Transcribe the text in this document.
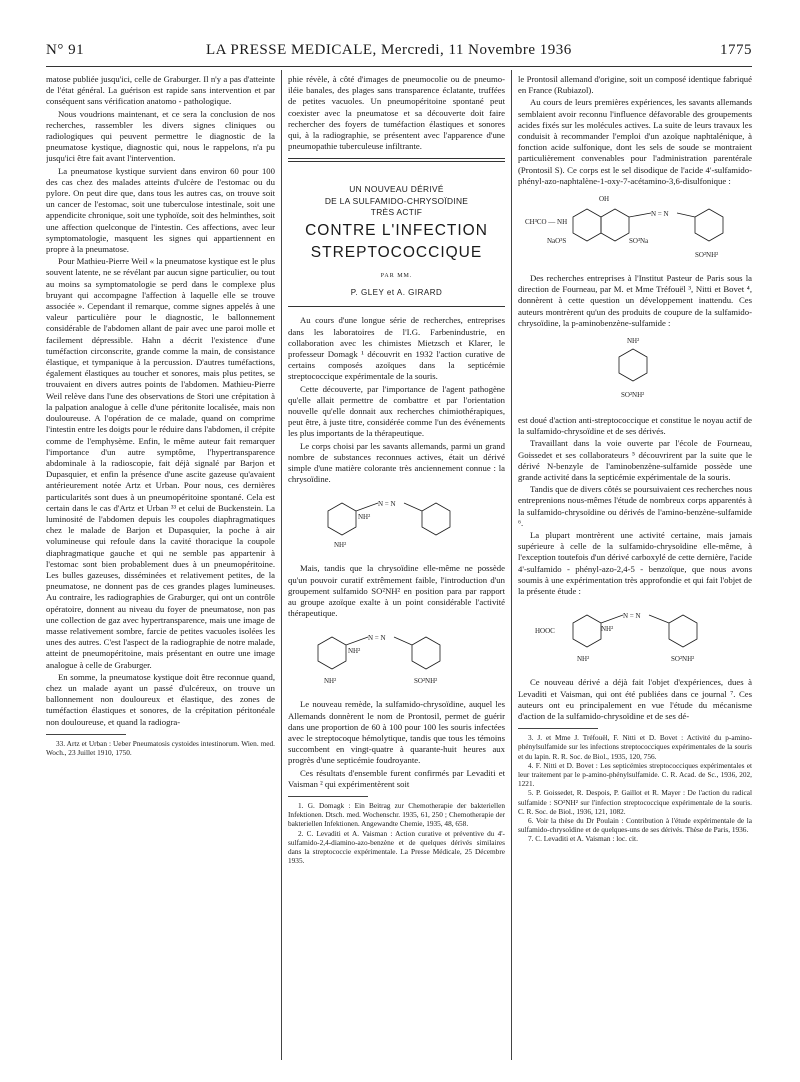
N° 91	LA PRESSE MEDICALE, Mercredi, 11 Novembre 1936	1775

matose publiée jusqu'ici, celle de Graburger. Il n'y a pas d'atteinte de l'état général. La guérison est rapide sans intervention et par conséquent sans vérification anatomo - pathologique.

Nous voudrions maintenant, et ce sera la conclusion de nos recherches, rassembler les divers signes cliniques ou radiologiques qui peuvent permettre le diagnostic de la pneumatose kystique, diagnostic qui, nous le rappelons, n'a pu jusqu'ici être fait avant l'intervention.

La pneumatose kystique survient dans environ 60 pour 100 des cas chez des malades atteints d'ulcère de l'estomac ou du pylore. On peut dire que, dans tous les autres cas, on trouve soit un cancer de l'estomac, soit une tuberculose intestinale, soit une appendicite chronique, soit une typhoïde, soit des helminthes, soit une affection quelconque de l'intestin. Ces affections, avec leur symptomatologie, masquent les signes qui appartiennent en propre à la pneumatose.

Pour Mathieu-Pierre Weil « la pneumatose kystique est le plus souvent latente, ne se révélant par aucun signe particulier, ou tout au moins sa symptomatologie se perd dans le complexe plus bruyant qui accompagne l'affection à laquelle elle se trouve associée ». Cependant il remarque, comme signes appelés à une valeur particulière pour le diagnostic, le ballonnement considérable de l'abdomen allant de pair avec une paroi molle et facilement dépressible. Hahn a décrit l'existence d'une tuméfaction circonscrite, grande comme la main, de consistance élastique, et tympanique à la percussion. D'autres tuméfactions, également élastiques au toucher et sonores, mais plus petites, se trouvaient en divers autres points de l'abdomen. Mathieu-Pierre Weil relève dans l'une des observations de Stori une crépitation à la palpation analogue à celle d'une péritonite localisée, mais non douloureuse. A l'opération de ce malade, quand on comprime l'intestin entre les doigts pour le réduire dans l'abdomen, il crépite comme de l'emphysème. Enfin, le même auteur fait remarquer l'importance d'un autre symptôme, l'hypertransparence abdominale à la radioscopie, fait déjà signalé par Barjon et Dupasquier, et enfin la présence d'une ascite gazeuse qu'avaient antérieurement notée Artz et Urban. Pour nous, ces dernières particularités sont dues à un pneumopéritoine spontané. Cela est certain dans le cas d'Artz et Urban ³³ et celui de Buckenstein. La luminosité de l'abdomen depuis les coupoles diaphragmatiques chez le malade de Barjon et Dupasquier, la poche à air volumineuse qui refoule dans la cavité thoracique la coupole diaphragmatique gauche et qui ne semble pas appartenir à l'estomac sont bien probablement dues à un pneumopéritoine. Les bulles gazeuses, disséminées et relativement petites, de la pneumatose, ne donnent pas de ces grandes plages lumineuses. Au contraire, les radiographies de Graburger, qui ont un contrôle opératoire, donnent au niveau du foyer de pneumatose, non pas une collection de gaz avec hypertransparence, mais une image de masse relativement sombre, farcie de petites vacuoles isolées les unes des autres. C'est l'aspect de la radiographie de notre malade, atteint de pneumopéritoine, mais présentant en outre une image analogue à celle de Graburger.

En somme, la pneumatose kystique doit être reconnue quand, chez un malade ayant un passé d'ulcéreux, on trouve un ballonnement non douloureux et élastique, des zones de tuméfaction élastiques et sonores, de la crépitation péritonéale non douloureuse, et quand la radiogra-

33. Artz et Urban : Ueber Pneumatosis cystoides intestinorum. Wien. med. Woch., 23 Juillet 1910, 1750.

phie révèle, à côté d'images de pneumocolie ou de pneumo-iléie banales, des plages sans transparence éclatante, truffées de petites vacuoles. Un pneumopéritoine spontané peut coexister avec la pneumatose et sa découverte doit faire rechercher des foyers de tuméfaction élastiques et sonores qui, à la radiographie, se présentent avec l'apparence d'une pneumopathie tuberculeuse infiltrante.

UN NOUVEAU DÉRIVÉ
DE LA SULFAMIDO-CHRYSOÏDINE
TRÈS ACTIF
CONTRE L'INFECTION
STREPTOCOCCIQUE
PAR MM.
P. GLEY et A. GIRARD

Au cours d'une longue série de recherches, entreprises dans les laboratoires de l'I.G. Farbenindustrie, en collaboration avec les chimistes Mietzsch et Klarer, le professeur Domagk ¹ découvrit en 1932 l'action curative de certains composés azoïques dans la septicémie streptococcique expérimentale de la souris.

Cette découverte, par l'importance de l'agent pathogène qu'elle allait permettre de combattre et par l'orientation nouvelle qu'elle donnait aux recherches chimiothérapiques, peut être, à juste titre, considérée comme l'un des événements les plus importants de la thérapeutique.

Le corps choisi par les savants allemands, parmi un grand nombre de substances reconnues actives, était un dérivé simple d'une matière colorante très anciennement connue : la chrysoïdine.

N = N
NH²
NH²

Mais, tandis que la chrysoïdine elle-même ne possède qu'un pouvoir curatif extrêmement faible, l'introduction d'un groupement sulfamido SO²NH² en position para par rapport au groupe azoïque exalte à un point considérable l'activité thérapeutique.

N = N
NH²
NH²	SO²NH²

Le nouveau remède, la sulfamido-chrysoïdine, auquel les Allemands donnèrent le nom de Prontosil, permet de guérir dans une proportion de 60 à 100 pour 100 les souris infectées avec le streptocoque hémolytique, tandis que tous les témoins succombent en vingt-quatre à quarante-huit heures aux progrès d'une septicémie foudroyante.

Ces résultats d'ensemble furent confirmés par Levaditi et Vaisman ² qui expérimentèrent soit

1. G. Domagk : Ein Beitrag zur Chemotherapie der bakteriellen Infektionen. Dtsch. med. Wochenschr. 1935, 61, 250 ; Chemotherapie der bakteriellen Infektionen. Angewandte Chemie, 1935, 48, 658.

2. C. Levaditi et A. Vaisman : Action curative et préventive du 4'-sulfamido-2,4-diamino-azo-benzène et de quelques dérivés similaires dans la streptococcie expérimentale. La Presse Médicale, 25 Décembre 1935.

le Prontosil allemand d'origine, soit un composé identique fabriqué en France (Rubiazol).

Au cours de leurs premières expériences, les savants allemands semblaient avoir reconnu l'influence défavorable des groupements acides fixés sur les molécules actives. La suite de leurs travaux les conduisit à recommander l'emploi d'un azoïque naphtalénique, à fonction acide sulfonique, dont les sels de soude se montraient particulièrement convenables pour l'administration parentérale (Prontosil S). Ce corps est le sel disodique de l'acide 4'-sulfamido-phényl-azo-naphtalène-1-oxy-7-acétamino-3,6-disulfonique :

OH
CH³CO — NH
NaO³S	SO³Na
N = N
SO²NH²

Des recherches entreprises à l'Institut Pasteur de Paris sous la direction de Fourneau, par M. et Mme Tréfouël ³, Nitti et Bovet ⁴, donnèrent à cette question un développement inattendu. Ces auteurs montrèrent qu'un des produits de coupure de la sulfamido-chrysoïdine, la p-aminobenzène-sulfamide :

NH²
SO²NH²

est doué d'action anti-streptococcique et constitue le noyau actif de la sulfamido-chrysoïdine et de ses dérivés.

Travaillant dans la voie ouverte par l'école de Fourneau, Goissedet et ses collaborateurs ⁵ découvrirent par la suite que le dérivé N-benzyle de l'aminobenzène-sulfamide possède une grande activité dans la septicémie expérimentale de la souris.

Tandis que de divers côtés se poursuivaient ces recherches nous entreprenions nous-mêmes l'étude de nombreux corps apparentés à la sulfamido-chrysoïdine ou dérivés de l'amino-benzène-sulfamide ⁶.

La plupart montrèrent une activité certaine, mais jamais supérieure à celle de la sulfamido-chrysoïdine elle-même, à l'exception toutefois d'un dérivé carboxylé de cette dernière, l'acide 4'-sulfamido - phényl-azo-2,4-5 - benzoïque, que nous avons soumis à une expérimentation très approfondie et qui fait l'objet de la présente étude :

HOOC	NH²
N = N
NH²	SO²NH²

Ce nouveau dérivé a déjà fait l'objet d'expériences, dues à Levaditi et Vaisman, qui ont été publiées dans ce journal ⁷. Ces auteurs ont eu principalement en vue l'étude du mécanisme d'action de la sulfamido-chrysoïdine et de ses dé-

3. J. et Mme J. Tréfouël, F. Nitti et D. Bovet : Activité du p-amino-phénylsulfamide sur les infections streptococciques expérimentales de la souris et du lapin. R. R. Soc. de Biol., 1935, 120, 756.

4. F. Nitti et D. Bovet : Les septicémies streptococciques expérimentales et leur traitement par le p-amino-phénylsulfamide. C. R. Acad. de Sc., 1936, 202, 1221.

5. P. Goissedet, R. Despois, P. Gaillot et R. Mayer : De l'action du radical sulfamide : SO²NH² sur l'infection streptococcique expérimentale de la souris. C. R. Soc. de Biol., 1936, 121, 1082.

6. Voir la thèse du Dr Poulain : Contribution à l'étude expérimentale de la sulfamido-chrysoïdine et de quelques-uns de ses dérivés. Thèse de Paris, 1936.

7. C. Levaditi et A. Vaisman : loc. cit.
